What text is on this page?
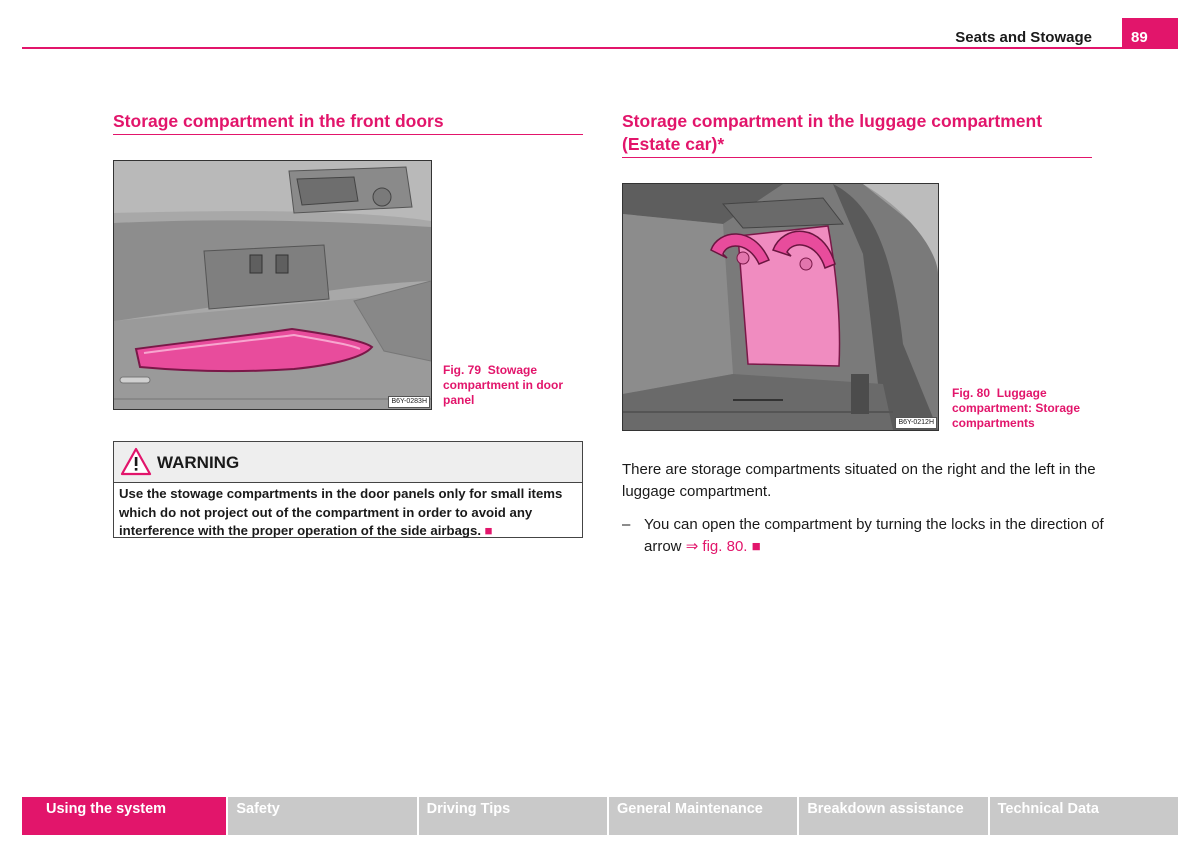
Seats and Stowage	89
Storage compartment in the front doors
B6Y-0283H
Fig. 79 Stowage compartment in door panel
WARNING
Use the stowage compartments in the door panels only for small items which do not project out of the compartment in order to avoid any interference with the proper operation of the side airbags. ■
Storage compartment in the luggage compartment
(Estate car)*
B6Y-0212H
Fig. 80 Luggage compartment: Storage compartments
There are storage compartments situated on the right and the left in the luggage compartment.
– You can open the compartment by turning the locks in the direction of arrow ⇒ fig. 80. ■
Using the system	Safety	Driving Tips	General Maintenance	Breakdown assistance	Technical Data
